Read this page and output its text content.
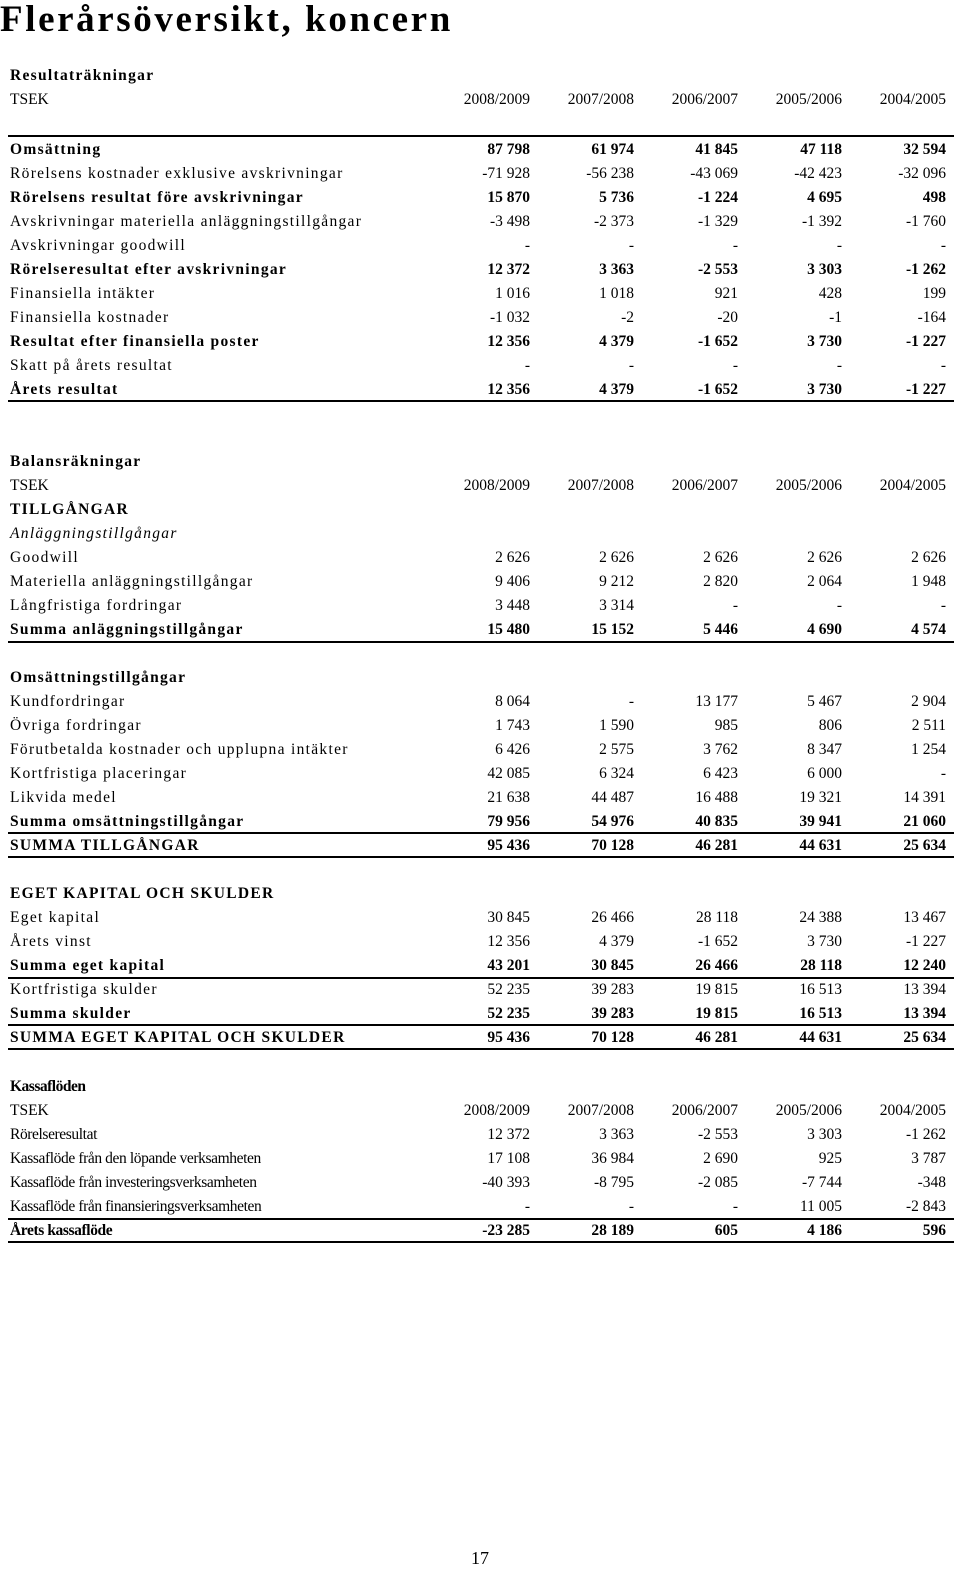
Flerårsöversikt, koncern
Resultaträkningar
TSEK	2008/2009	2007/2008	2006/2007	2005/2006	2004/2005
Omsättning	87 798	61 974	41 845	47 118	32 594
Rörelsens kostnader exklusive avskrivningar	-71 928	-56 238	-43 069	-42 423	-32 096
Rörelsens resultat före avskrivningar	15 870	5 736	-1 224	4 695	498
Avskrivningar materiella anläggningstillgångar	-3 498	-2 373	-1 329	-1 392	-1 760
Avskrivningar goodwill	-	-	-	-	-
Rörelseresultat efter avskrivningar	12 372	3 363	-2 553	3 303	-1 262
Finansiella intäkter	1 016	1 018	921	428	199
Finansiella kostnader	-1 032	-2	-20	-1	-164
Resultat efter finansiella poster	12 356	4 379	-1 652	3 730	-1 227
Skatt på årets resultat	-	-	-	-	-
Årets resultat	12 356	4 379	-1 652	3 730	-1 227
Balansräkningar
TSEK	2008/2009	2007/2008	2006/2007	2005/2006	2004/2005
TILLGÅNGAR
Anläggningstillgångar
Goodwill	2 626	2 626	2 626	2 626	2 626
Materiella anläggningstillgångar	9 406	9 212	2 820	2 064	1 948
Långfristiga fordringar	3 448	3 314	-	-	-
Summa anläggningstillgångar	15 480	15 152	5 446	4 690	4 574
Omsättningstillgångar
Kundfordringar	8 064	-	13 177	5 467	2 904
Övriga fordringar	1 743	1 590	985	806	2 511
Förutbetalda kostnader och upplupna intäkter	6 426	2 575	3 762	8 347	1 254
Kortfristiga placeringar	42 085	6 324	6 423	6 000	-
Likvida medel	21 638	44 487	16 488	19 321	14 391
Summa omsättningstillgångar	79 956	54 976	40 835	39 941	21 060
SUMMA TILLGÅNGAR	95 436	70 128	46 281	44 631	25 634
EGET KAPITAL OCH SKULDER
Eget kapital	30 845	26 466	28 118	24 388	13 467
Årets vinst	12 356	4 379	-1 652	3 730	-1 227
Summa eget kapital	43 201	30 845	26 466	28 118	12 240
Kortfristiga skulder	52 235	39 283	19 815	16 513	13 394
Summa skulder	52 235	39 283	19 815	16 513	13 394
SUMMA EGET KAPITAL OCH SKULDER	95 436	70 128	46 281	44 631	25 634
Kassaflöden
TSEK	2008/2009	2007/2008	2006/2007	2005/2006	2004/2005
Rörelseresultat	12 372	3 363	-2 553	3 303	-1 262
Kassaflöde från den löpande verksamheten	17 108	36 984	2 690	925	3 787
Kassaflöde från investeringsverksamheten	-40 393	-8 795	-2 085	-7 744	-348
Kassaflöde från finansieringsverksamheten	-	-	-	11 005	-2 843
Årets kassaflöde	-23 285	28 189	605	4 186	596
17
